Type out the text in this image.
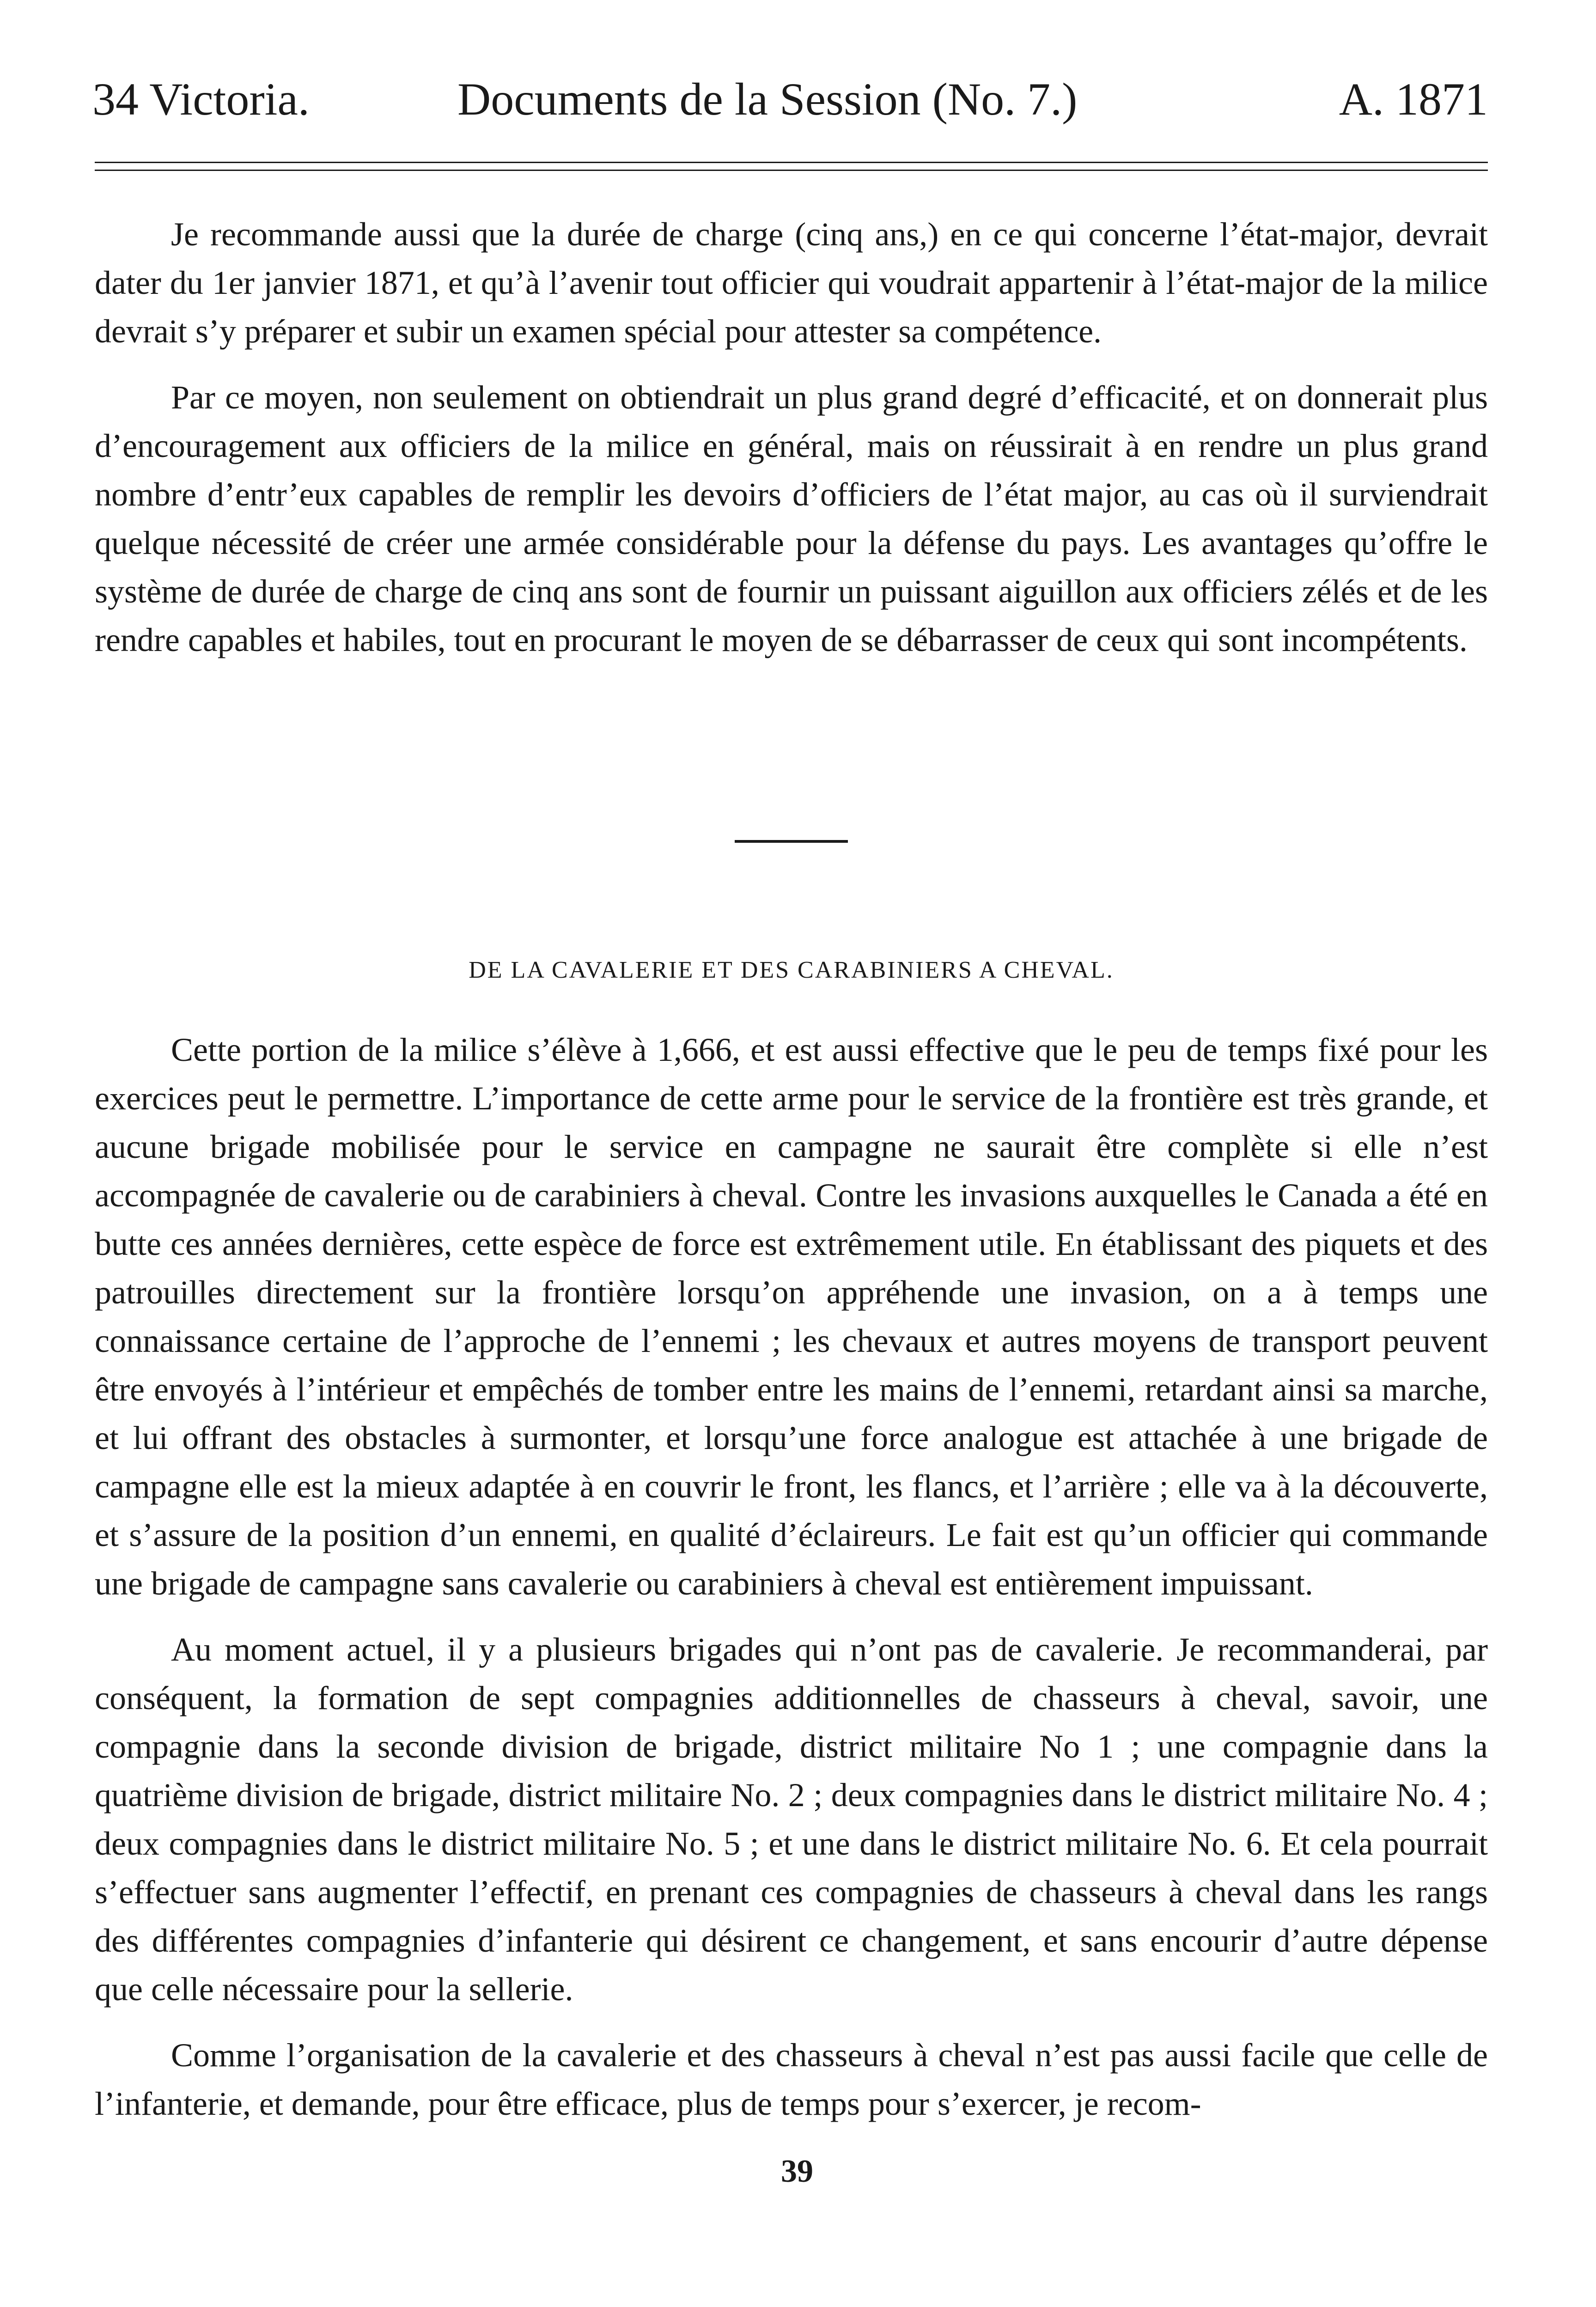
34 Victoria.	Documents de la Session (No. 7.)	A. 1871

Je recommande aussi que la durée de charge (cinq ans,) en ce qui concerne l’état-major, devrait dater du 1er janvier 1871, et qu’à l’avenir tout officier qui voudrait appartenir à l’état-major de la milice devrait s’y préparer et subir un examen spécial pour attester sa compétence.

Par ce moyen, non seulement on obtiendrait un plus grand degré d’efficacité, et on donnerait plus d’encouragement aux officiers de la milice en général, mais on réussirait à en rendre un plus grand nombre d’entr’eux capables de remplir les devoirs d’officiers de l’état major, au cas où il surviendrait quelque nécessité de créer une armée considérable pour la défense du pays. Les avantages qu’offre le système de durée de charge de cinq ans sont de fournir un puissant aiguillon aux officiers zélés et de les rendre capables et habiles, tout en procurant le moyen de se débarrasser de ceux qui sont incompétents.

DE LA CAVALERIE ET DES CARABINIERS A CHEVAL.

Cette portion de la milice s’élève à 1,666, et est aussi effective que le peu de temps fixé pour les exercices peut le permettre. L’importance de cette arme pour le service de la frontière est très grande, et aucune brigade mobilisée pour le service en campagne ne saurait être complète si elle n’est accompagnée de cavalerie ou de carabiniers à cheval. Contre les invasions auxquelles le Canada a été en butte ces années dernières, cette espèce de force est extrêmement utile. En établissant des piquets et des patrouilles directement sur la frontière lorsqu’on appréhende une invasion, on a à temps une connaissance certaine de l’approche de l’ennemi ; les chevaux et autres moyens de transport peuvent être envoyés à l’intérieur et empêchés de tomber entre les mains de l’ennemi, retardant ainsi sa marche, et lui offrant des obstacles à surmonter, et lorsqu’une force analogue est attachée à une brigade de campagne elle est la mieux adaptée à en couvrir le front, les flancs, et l’arrière ; elle va à la découverte, et s’assure de la position d’un ennemi, en qualité d’éclaireurs. Le fait est qu’un officier qui commande une brigade de campagne sans cavalerie ou carabiniers à cheval est entièrement impuissant.

Au moment actuel, il y a plusieurs brigades qui n’ont pas de cavalerie. Je recommanderai, par conséquent, la formation de sept compagnies additionnelles de chasseurs à cheval, savoir, une compagnie dans la seconde division de brigade, district militaire No 1 ; une compagnie dans la quatrième division de brigade, district militaire No. 2 ; deux compagnies dans le district militaire No. 4 ; deux compagnies dans le district militaire No. 5 ; et une dans le district militaire No. 6. Et cela pourrait s’effectuer sans augmenter l’effectif, en prenant ces compagnies de chasseurs à cheval dans les rangs des différentes compagnies d’infanterie qui désirent ce changement, et sans encourir d’autre dépense que celle nécessaire pour la sellerie.

Comme l’organisation de la cavalerie et des chasseurs à cheval n’est pas aussi facile que celle de l’infanterie, et demande, pour être efficace, plus de temps pour s’exercer, je recom-

39
